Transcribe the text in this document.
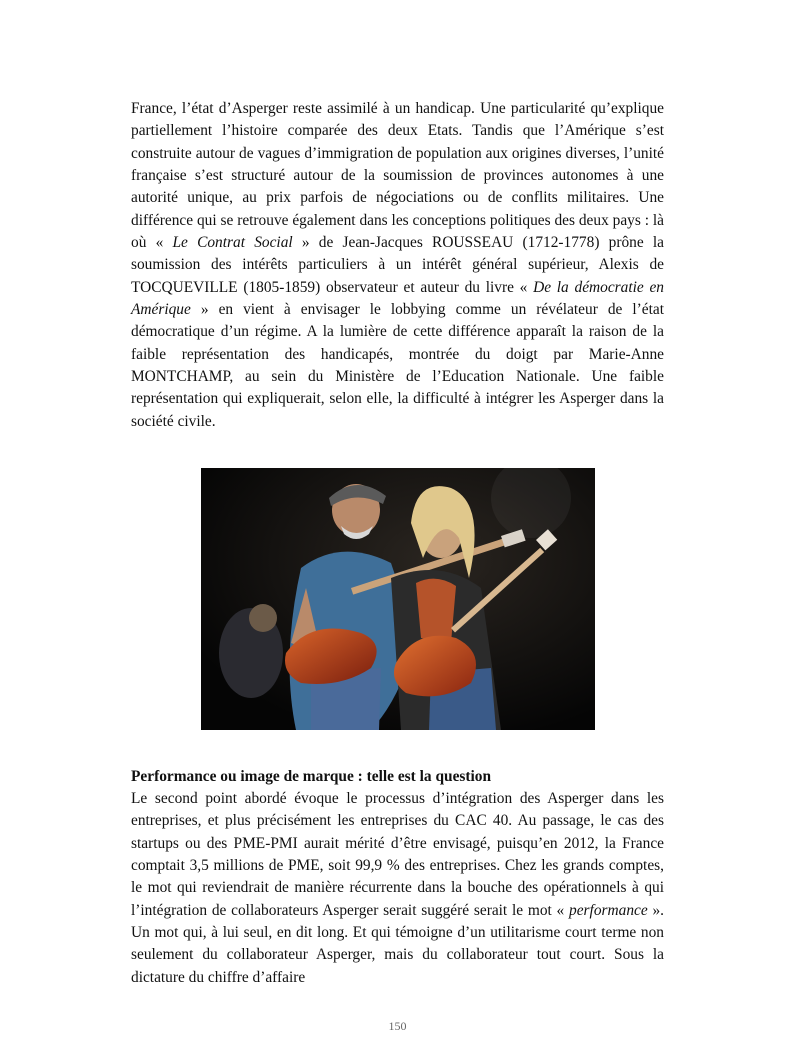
France, l’état d’Asperger reste assimilé à un handicap. Une particularité qu’explique partiellement l’histoire comparée des deux Etats. Tandis que l’Amérique s’est construite autour de vagues d’immigration de population aux origines diverses, l’unité française s’est structuré autour de la soumission de provinces autonomes à une autorité unique, au prix parfois de négociations ou de conflits militaires. Une différence qui se retrouve également dans les conceptions politiques des deux pays : là où « Le Contrat Social » de Jean-Jacques ROUSSEAU (1712-1778) prône la soumission des intérêts particuliers à un intérêt général supérieur, Alexis de TOCQUEVILLE (1805-1859) observateur et auteur du livre « De la démocratie en Amérique » en vient à envisager le lobbying comme un révélateur de l’état démocratique d’un régime. A la lumière de cette différence apparaît la raison de la faible représentation des handicapés, montrée du doigt par Marie-Anne MONTCHAMP, au sein du Ministère de l’Education Nationale. Une faible représentation qui expliquerait, selon elle, la difficulté à intégrer les Asperger dans la société civile.

Performance ou image de marque : telle est la question

Le second point abordé évoque le processus d’intégration des Asperger dans les entreprises, et plus précisément les entreprises du CAC 40. Au passage, le cas des startups ou des PME-PMI aurait mérité d’être envisagé, puisqu’en 2012, la France comptait 3,5 millions de PME, soit 99,9 % des entreprises. Chez les grands comptes, le mot qui reviendrait de manière récurrente dans la bouche des opérationnels à qui l’intégration de collaborateurs Asperger serait suggéré serait le mot « performance ». Un mot qui, à lui seul, en dit long. Et qui témoigne d’un utilitarisme court terme non seulement du collaborateur Asperger, mais du collaborateur tout court. Sous la dictature du chiffre d’affaire

150
